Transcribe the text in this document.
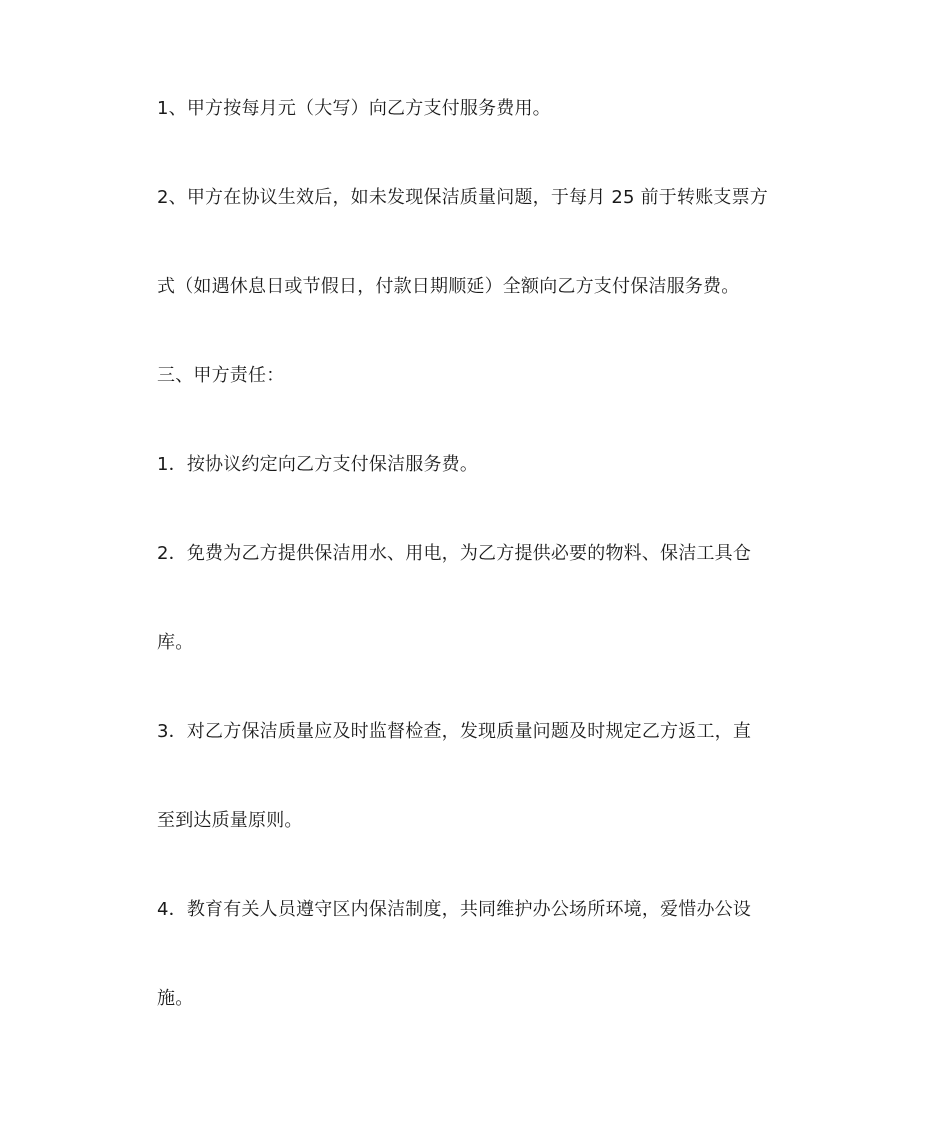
1、甲方按每月元（大写）向乙方支付服务费用。

2、甲方在协议生效后，如未发现保洁质量问题，于每月 25 前于转账支票方

式（如遇休息日或节假日，付款日期顺延）全额向乙方支付保洁服务费。

三、甲方责任：

1．按协议约定向乙方支付保洁服务费。

2．免费为乙方提供保洁用水、用电，为乙方提供必要的物料、保洁工具仓

库。

3．对乙方保洁质量应及时监督检查，发现质量问题及时规定乙方返工，直

至到达质量原则。

4．教育有关人员遵守区内保洁制度，共同维护办公场所环境，爱惜办公设

施。
